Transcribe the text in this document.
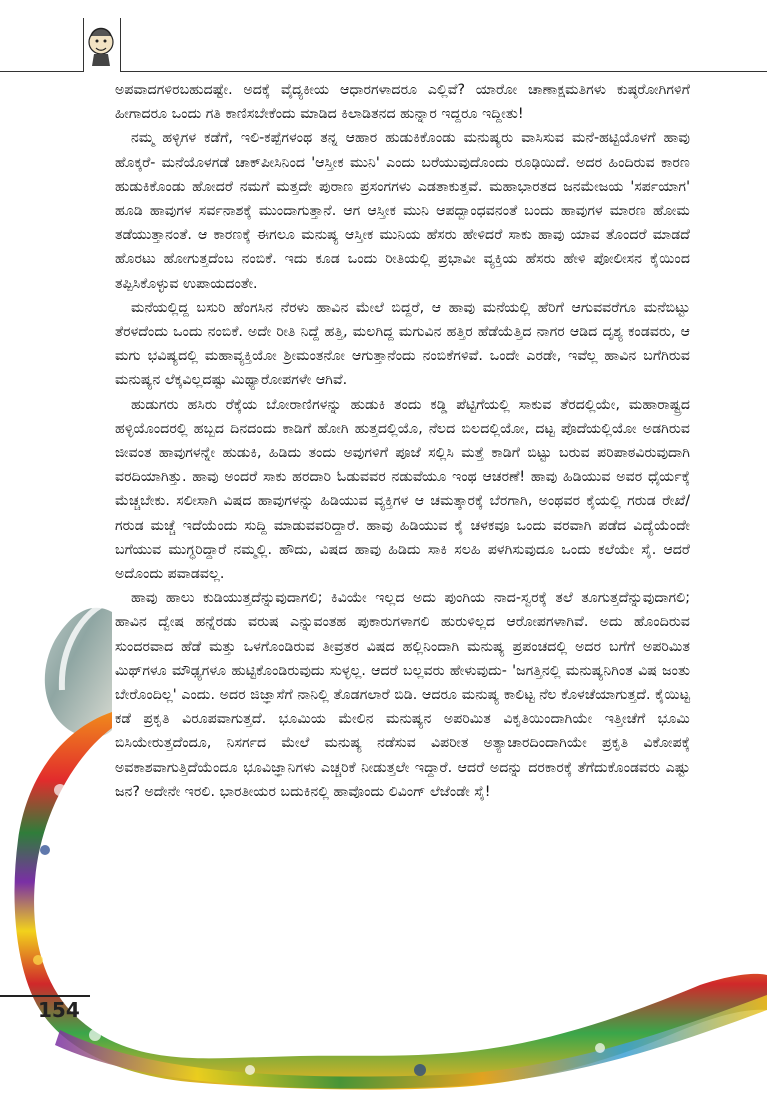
154

ಅಪವಾದಗಳಿರಬಹುದಷ್ಟೇ. ಅದಕ್ಕೆ ವೈದ್ಯಕೀಯ ಆಧಾರಗಳಾದರೂ ಎಲ್ಲಿವೆ? ಯಾರೋ ಚಾಣಾಕ್ಷಮತಿಗಳು ಕುಷ್ಠರೋಗಿಗಳಿಗೆ ಹೀಗಾದರೂ ಒಂದು ಗತಿ ಕಾಣಿಸಬೇಕೆಂದು ಮಾಡಿದ ಕಿಲಾಡಿತನದ ಹುನ್ನಾರ ಇದ್ದರೂ ಇದ್ದೀತು!

ನಮ್ಮ ಹಳ್ಳಿಗಳ ಕಡೆಗೆ, ಇಲಿ-ಕಪ್ಪೆಗಳಂಥ ತನ್ನ ಆಹಾರ ಹುಡುಕಿಕೊಂಡು ಮನುಷ್ಯರು ವಾಸಿಸುವ ಮನೆ-ಹಟ್ಟಿಯೊಳಗೆ ಹಾವು ಹೊಕ್ಕರೆ- ಮನೆಯೊಳಗಡೆ ಚಾಕ್‌ಪೀಸಿನಿಂದ 'ಆಸ್ತೀಕ ಮುನಿ' ಎಂದು ಬರೆಯುವುದೊಂದು ರೂಢಿಯಿದೆ. ಅದರ ಹಿಂದಿರುವ ಕಾರಣ ಹುಡುಕಿಕೊಂಡು ಹೋದರೆ ನಮಗೆ ಮತ್ತದೇ ಪುರಾಣ ಪ್ರಸಂಗಗಳು ಎಡತಾಕುತ್ತವೆ. ಮಹಾಭಾರತದ ಜನಮೇಜಯ 'ಸರ್ಪಯಾಗ' ಹೂಡಿ ಹಾವುಗಳ ಸರ್ವನಾಶಕ್ಕೆ ಮುಂದಾಗುತ್ತಾನೆ. ಆಗ ಆಸ್ತೀಕ ಮುನಿ ಆಪದ್ಬಾಂಧವನಂತೆ ಬಂದು ಹಾವುಗಳ ಮಾರಣ ಹೋಮ ತಡೆಯುತ್ತಾನಂತೆ. ಆ ಕಾರಣಕ್ಕೆ ಈಗಲೂ ಮನುಷ್ಯ ಆಸ್ತೀಕ ಮುನಿಯ ಹೆಸರು ಹೇಳಿದರೆ ಸಾಕು ಹಾವು ಯಾವ ತೊಂದರೆ ಮಾಡದೆ ಹೊರಟು ಹೋಗುತ್ತದೆಂಬ ನಂಬಿಕೆ. ಇದು ಕೂಡ ಒಂದು ರೀತಿಯಲ್ಲಿ ಪ್ರಭಾವೀ ವ್ಯಕ್ತಿಯ ಹೆಸರು ಹೇಳಿ ಪೋಲೀಸನ ಕೈಯಿಂದ ತಪ್ಪಿಸಿಕೊಳ್ಳುವ ಉಪಾಯದಂತೇ.

ಮನೆಯಲ್ಲಿದ್ದ ಬಸುರಿ ಹೆಂಗಸಿನ ನೆರಳು ಹಾವಿನ ಮೇಲೆ ಬಿದ್ದರೆ, ಆ ಹಾವು ಮನೆಯಲ್ಲಿ ಹೆರಿಗೆ ಆಗುವವರೆಗೂ ಮನೆಬಿಟ್ಟು ತೆರಳದೆಂದು ಒಂದು ನಂಬಿಕೆ. ಅದೇ ರೀತಿ ನಿದ್ದೆ ಹತ್ತಿ, ಮಲಗಿದ್ದ ಮಗುವಿನ ಹತ್ತಿರ ಹೆಡೆಯೆತ್ತಿದ ನಾಗರ ಆಡಿದ ದೃಶ್ಯ ಕಂಡವರು, ಆ ಮಗು ಭವಿಷ್ಯದಲ್ಲಿ ಮಹಾವ್ಯಕ್ತಿಯೋ ಶ್ರೀಮಂತನೋ ಆಗುತ್ತಾನೆಂದು ನಂಬಿಕೆಗಳಿವೆ. ಒಂದೇ ಎರಡೇ, ಇವೆಲ್ಲ ಹಾವಿನ ಬಗೆಗಿರುವ ಮನುಷ್ಯನ ಲೆಕ್ಕವಿಲ್ಲದಷ್ಟು ಮಿಥ್ಯಾರೋಪಗಳೇ ಆಗಿವೆ.

ಹುಡುಗರು ಹಸಿರು ರೆಕ್ಕೆಯ ಬೋರಾಣಿಗಳನ್ನು ಹುಡುಕಿ ತಂದು ಕಡ್ಡಿ ಪೆಟ್ಟಿಗೆಯಲ್ಲಿ ಸಾಕುವ ತೆರದಲ್ಲಿಯೇ, ಮಹಾರಾಷ್ಟ್ರದ ಹಳ್ಳಿಯೊಂದರಲ್ಲಿ ಹಬ್ಬದ ದಿನದಂದು ಕಾಡಿಗೆ ಹೋಗಿ ಹುತ್ತದಲ್ಲಿಯೊ, ನೆಲದ ಬಿಲದಲ್ಲಿಯೋ, ದಟ್ಟ ಪೊದೆಯಲ್ಲಿಯೋ ಅಡಗಿರುವ ಜೀವಂತ ಹಾವುಗಳನ್ನೇ ಹುಡುಕಿ, ಹಿಡಿದು ತಂದು ಅವುಗಳಿಗೆ ಪೂಜೆ ಸಲ್ಲಿಸಿ ಮತ್ತೆ ಕಾಡಿಗೆ ಬಿಟ್ಟು ಬರುವ ಪರಿಪಾಠವಿರುವುದಾಗಿ ವರದಿಯಾಗಿತ್ತು. ಹಾವು ಅಂದರೆ ಸಾಕು ಹರದಾರಿ ಓಡುವವರ ನಡುವೆಯೂ ಇಂಥ ಆಚರಣೆ! ಹಾವು ಹಿಡಿಯುವ ಅವರ ಧೈರ್ಯಕ್ಕೆ ಮೆಚ್ಚಬೇಕು. ಸಲೀಸಾಗಿ ವಿಷದ ಹಾವುಗಳನ್ನು ಹಿಡಿಯುವ ವ್ಯಕ್ತಿಗಳ ಆ ಚಮತ್ಕಾರಕ್ಕೆ ಬೆರಗಾಗಿ, ಅಂಥವರ ಕೈಯಲ್ಲಿ ಗರುಡ ರೇಖೆ/ಗರುಡ ಮಚ್ಚೆ ಇದೆಯೆಂದು ಸುದ್ದಿ ಮಾಡುವವರಿದ್ದಾರೆ. ಹಾವು ಹಿಡಿಯುವ ಕೈ ಚಳಕವೂ ಒಂದು ವರವಾಗಿ ಪಡೆದ ವಿದ್ಯೆಯೆಂದೇ ಬಗೆಯುವ ಮುಗ್ಧರಿದ್ದಾರೆ ನಮ್ಮಲ್ಲಿ. ಹೌದು, ವಿಷದ ಹಾವು ಹಿಡಿದು ಸಾಕಿ ಸಲಹಿ ಪಳಗಿಸುವುದೂ ಒಂದು ಕಲೆಯೇ ಸೈ. ಆದರೆ ಅದೊಂದು ಪವಾಡವಲ್ಲ.

ಹಾವು ಹಾಲು ಕುಡಿಯುತ್ತದೆನ್ನುವುದಾಗಲಿ; ಕಿವಿಯೇ ಇಲ್ಲದ ಅದು ಪುಂಗಿಯ ನಾದ-ಸ್ವರಕ್ಕೆ ತಲೆ ತೂಗುತ್ತದೆನ್ನುವುದಾಗಲಿ; ಹಾವಿನ ದ್ವೇಷ ಹನ್ನೆರಡು ವರುಷ ಎನ್ನುವಂತಹ ಪುಕಾರುಗಳಾಗಲಿ ಹುರುಳಿಲ್ಲದ ಆರೋಪಗಳಾಗಿವೆ. ಅದು ಹೊಂದಿರುವ ಸುಂದರವಾದ ಹೆಡೆ ಮತ್ತು ಒಳಗೊಂಡಿರುವ ತೀವ್ರತರ ವಿಷದ ಹಲ್ಲಿನಿಂದಾಗಿ ಮನುಷ್ಯ ಪ್ರಪಂಚದಲ್ಲಿ ಅದರ ಬಗೆಗೆ ಅಪರಿಮಿತ ಮಿಥ್‌ಗಳೂ ಮೌಢ್ಯಗಳೂ ಹುಟ್ಟಿಕೊಂಡಿರುವುದು ಸುಳ್ಳಲ್ಲ. ಆದರೆ ಬಲ್ಲವರು ಹೇಳುವುದು- 'ಜಗತ್ತಿನಲ್ಲಿ ಮನುಷ್ಯನಿಗಿಂತ ವಿಷ ಜಂತು ಬೇರೊಂದಿಲ್ಲ' ಎಂದು. ಅದರ ಜಿಜ್ಞಾಸೆಗೆ ನಾನಿಲ್ಲಿ ತೊಡಗಲಾರೆ ಬಿಡಿ. ಆದರೂ ಮನುಷ್ಯ ಕಾಲಿಟ್ಟ ನೆಲ ಕೊಳಚೆಯಾಗುತ್ತದೆ. ಕೈಯಿಟ್ಟ ಕಡೆ ಪ್ರಕೃತಿ ವಿರೂಪವಾಗುತ್ತದೆ. ಭೂಮಿಯ ಮೇಲಿನ ಮನುಷ್ಯನ ಅಪರಿಮಿತ ವಿಕೃತಿಯಿಂದಾಗಿಯೇ ಇತ್ತೀಚೆಗೆ ಭೂಮಿ ಬಿಸಿಯೇರುತ್ತದೆಂದೂ, ನಿಸರ್ಗದ ಮೇಲೆ ಮನುಷ್ಯ ನಡೆಸುವ ವಿಪರೀತ ಅತ್ಯಾಚಾರದಿಂದಾಗಿಯೇ ಪ್ರಕೃತಿ ವಿಕೋಪಕ್ಕೆ ಅವಕಾಶವಾಗುತ್ತಿದೆಯೆಂದೂ ಭೂವಿಜ್ಞಾನಿಗಳು ಎಚ್ಚರಿಕೆ ನೀಡುತ್ತಲೇ ಇದ್ದಾರೆ. ಆದರೆ ಅದನ್ನು ದರಕಾರಕ್ಕೆ ತೆಗೆದುಕೊಂಡವರು ಎಷ್ಟು ಜನ? ಅದೇನೇ ಇರಲಿ. ಭಾರತೀಯರ ಬದುಕಿನಲ್ಲಿ ಹಾವೊಂದು ಲಿವಿಂಗ್ ಲೆಜೆಂಡೇ ಸೈ!
